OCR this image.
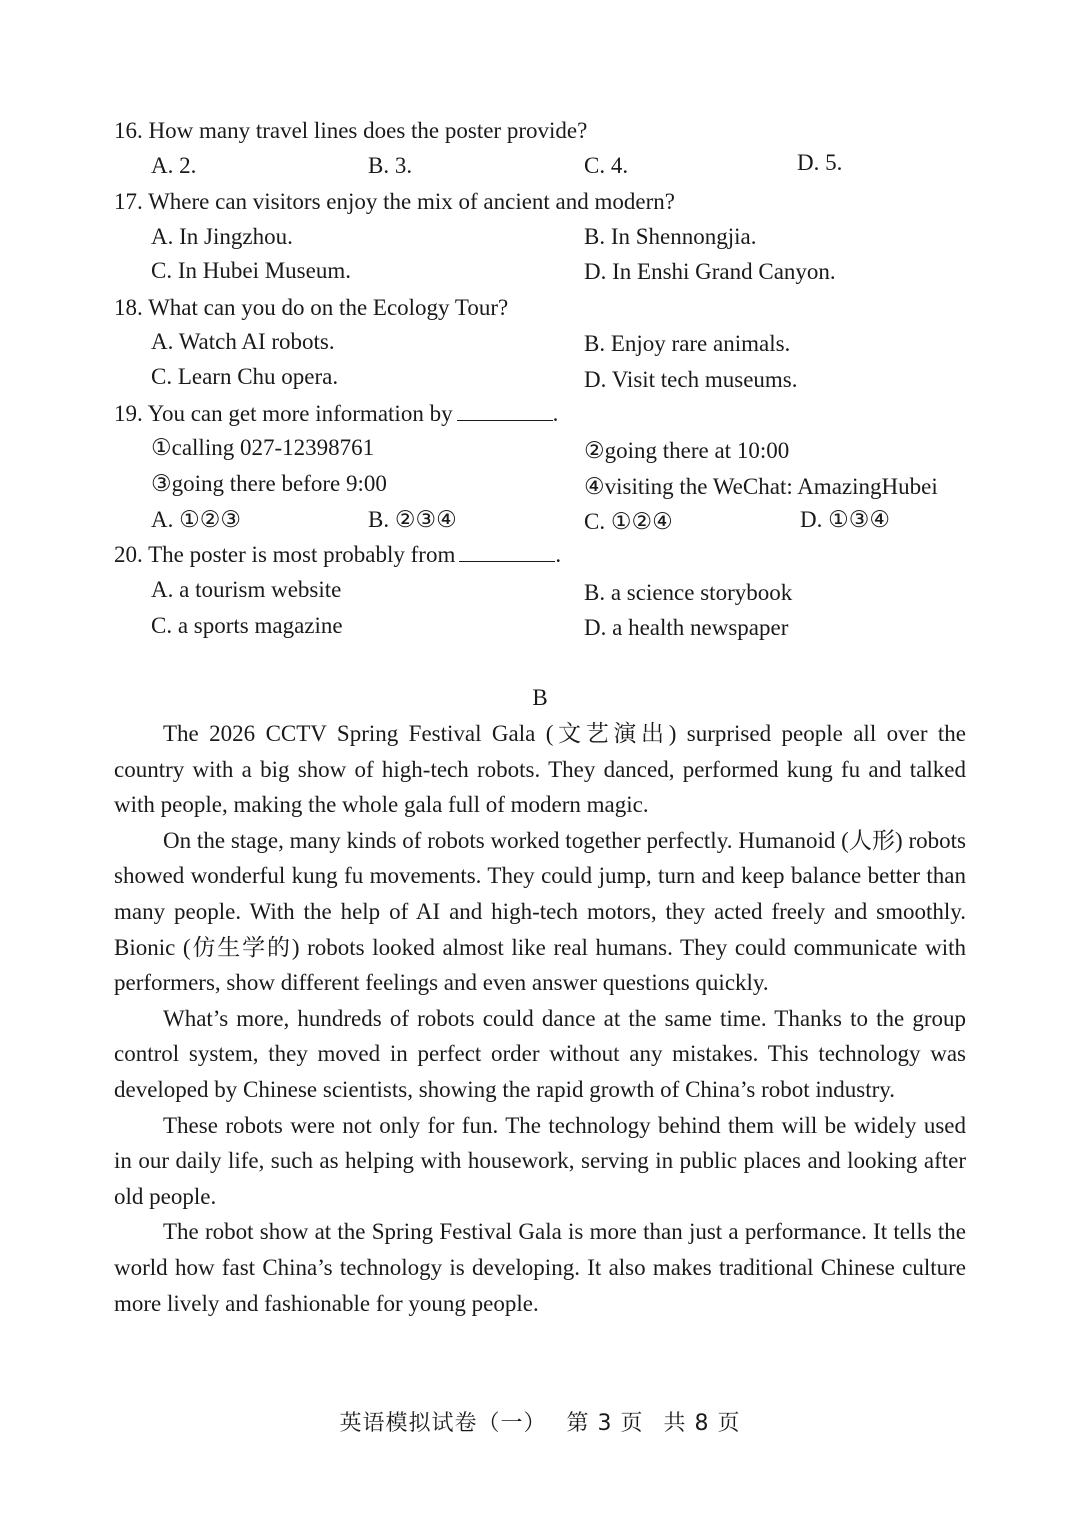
16. How many travel lines does the poster provide?
A. 2.	B. 3.	C. 4.	D. 5.
17. Where can visitors enjoy the mix of ancient and modern?
A. In Jingzhou.	B. In Shennongjia.
C. In Hubei Museum.	D. In Enshi Grand Canyon.
18. What can you do on the Ecology Tour?
A. Watch AI robots.	B. Enjoy rare animals.
C. Learn Chu opera.	D. Visit tech museums.
19. You can get more information by	.
①calling 027-12398761	②going there at 10:00
③going there before 9:00	④visiting the WeChat: AmazingHubei
A. ①②③	B. ②③④	C. ①②④	D. ①③④
20. The poster is most probably from	.
A. a tourism website	B. a science storybook
C. a sports magazine	D. a health newspaper
B

The 2026 CCTV Spring Festival Gala (文艺演出) surprised people all over the country with a big show of high-tech robots. They danced, performed kung fu and talked with people, making the whole gala full of modern magic.

On the stage, many kinds of robots worked together perfectly. Humanoid (人形) robots showed wonderful kung fu movements. They could jump, turn and keep balance better than many people. With the help of AI and high-tech motors, they acted freely and smoothly. Bionic (仿生学的) robots looked almost like real humans. They could communicate with performers, show different feelings and even answer questions quickly.

What’s more, hundreds of robots could dance at the same time. Thanks to the group control system, they moved in perfect order without any mistakes. This technology was developed by Chinese scientists, showing the rapid growth of China’s robot industry.

These robots were not only for fun. The technology behind them will be widely used in our daily life, such as helping with housework, serving in public places and looking after old people.

The robot show at the Spring Festival Gala is more than just a performance. It tells the world how fast China’s technology is developing. It also makes traditional Chinese culture more lively and fashionable for young people.

英语模拟试卷（一） 第 3 页 共 8 页
